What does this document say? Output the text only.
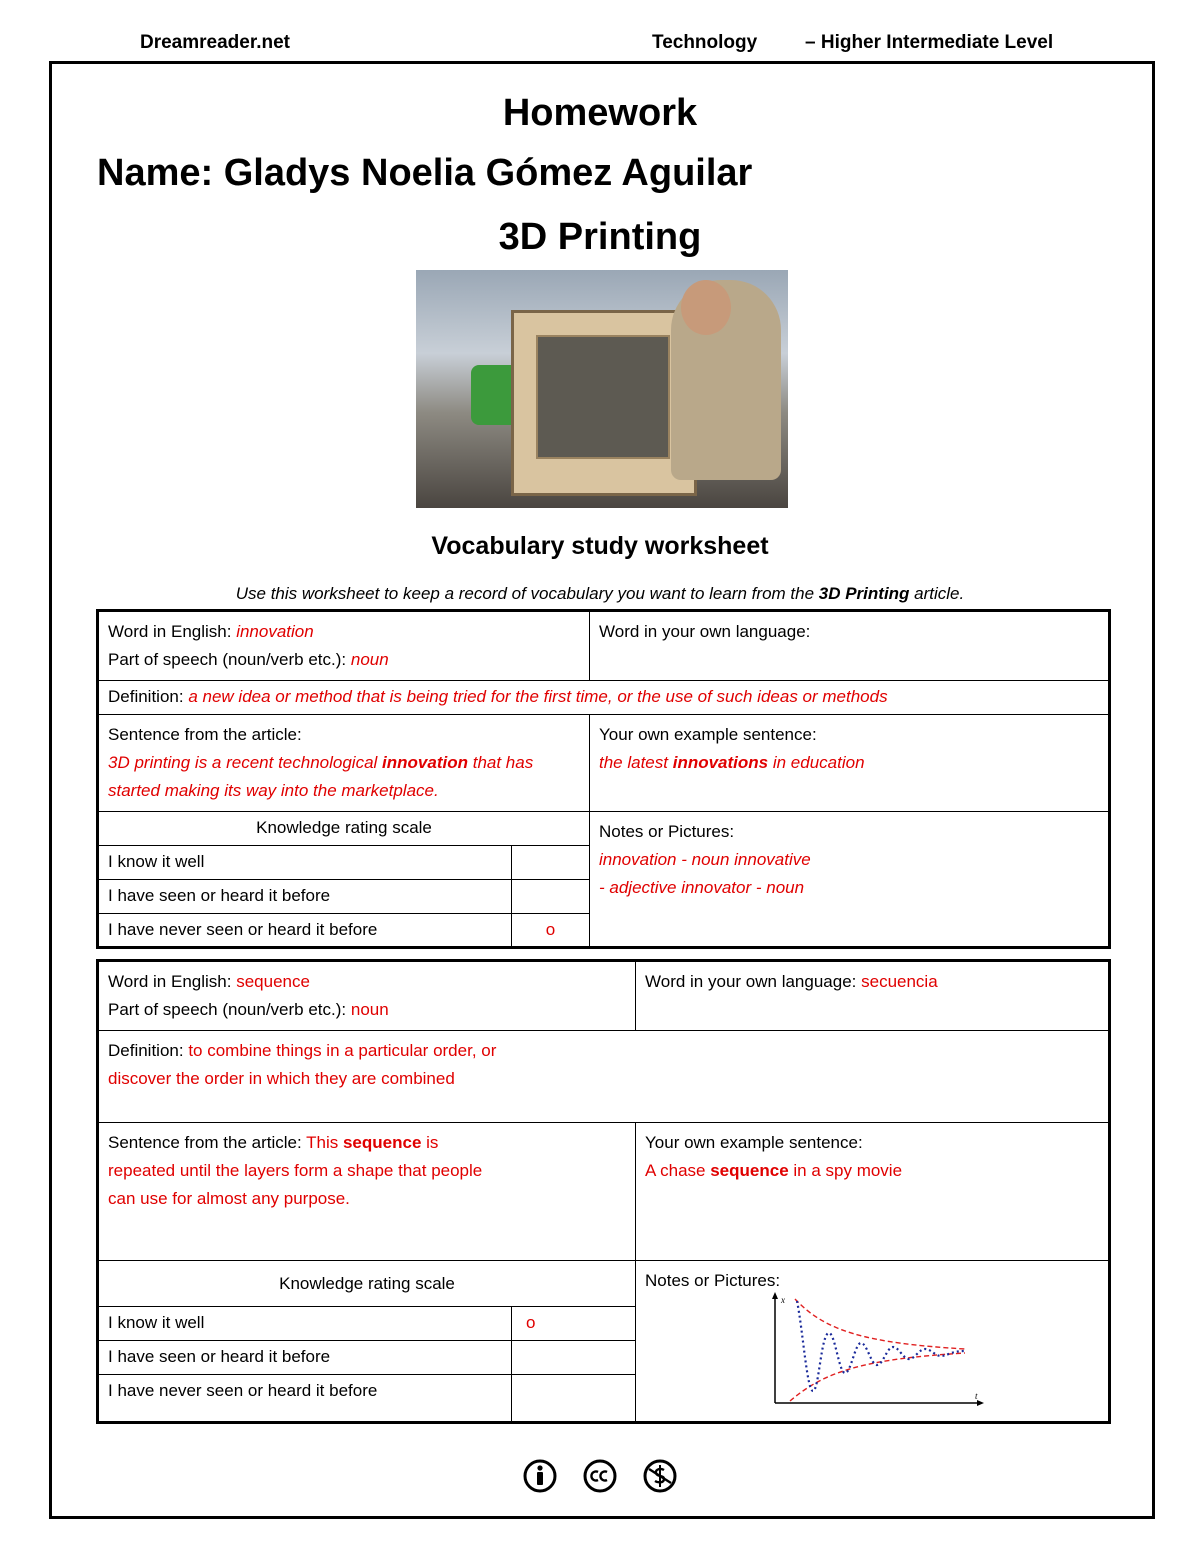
Dreamreader.net	Technology	– Higher Intermediate Level
Homework
Name: Gladys Noelia Gómez Aguilar
3D Printing
Vocabulary study worksheet
Use this worksheet to keep a record of vocabulary you want to learn from the 3D Printing article.
Word in English: innovation
Part of speech (noun/verb etc.): noun		Word in your own language:
Definition: a new idea or method that is being tried for the first time, or the use of such ideas or methods		
Sentence from the article:
3D printing is a recent technological innovation that has started making its way into the marketplace.		Your own example sentence:
the latest innovations in education
Knowledge rating scale		Notes or Pictures:
innovation - noun innovative
- adjective innovator - noun
I know it well		
I have seen or heard it before		
I have never seen or heard it before	o	
Word in English: sequence
Part of speech (noun/verb etc.): noun		Word in your own language: secuencia

Definition: to combine things in a particular order, or discover the order in which they are combined		

Sentence from the article: This sequence is repeated until the layers form a shape that people can use for almost any purpose.		Your own example sentence:
A chase sequence in a spy movie
Knowledge rating scale		Notes or Pictures:
x
t

I know it well	o	
I have seen or heard it before		
I have never seen or heard it before		
